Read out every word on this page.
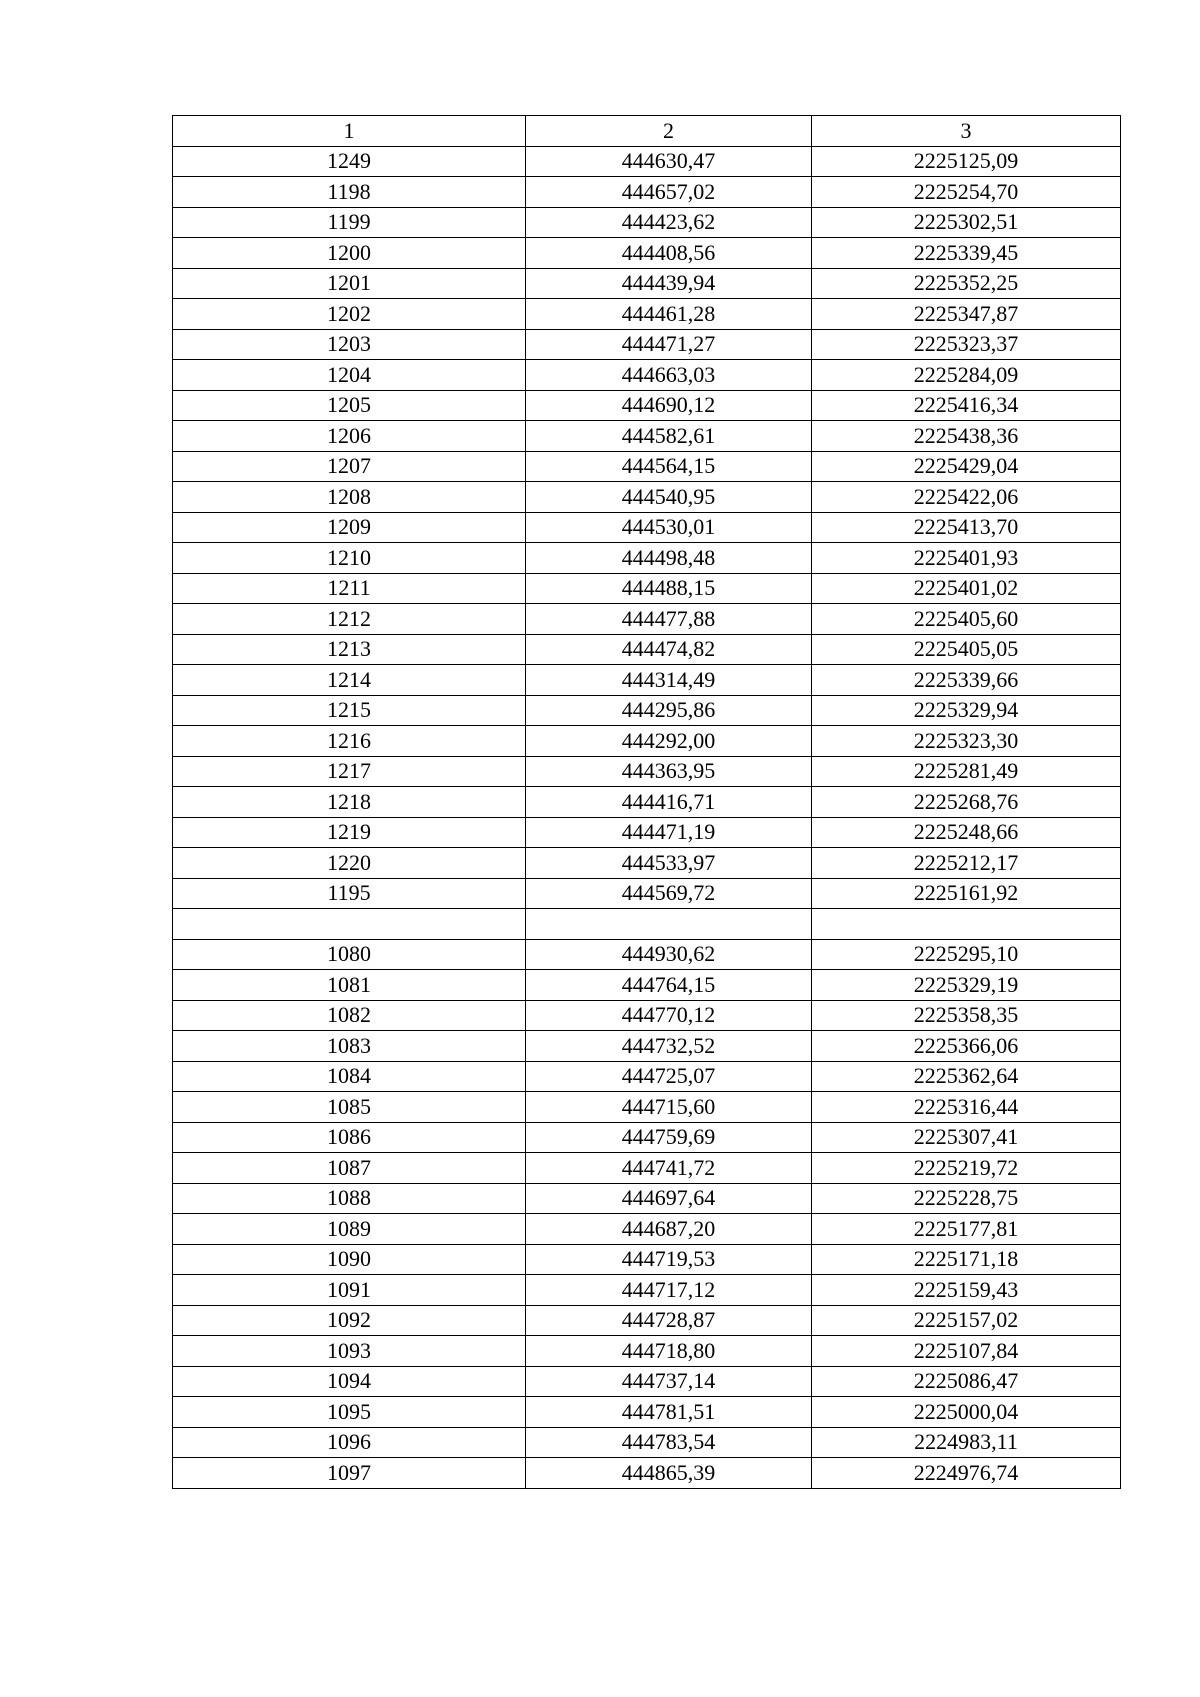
1	2	3
1249	444630,47	2225125,09
1198	444657,02	2225254,70
1199	444423,62	2225302,51
1200	444408,56	2225339,45
1201	444439,94	2225352,25
1202	444461,28	2225347,87
1203	444471,27	2225323,37
1204	444663,03	2225284,09
1205	444690,12	2225416,34
1206	444582,61	2225438,36
1207	444564,15	2225429,04
1208	444540,95	2225422,06
1209	444530,01	2225413,70
1210	444498,48	2225401,93
1211	444488,15	2225401,02
1212	444477,88	2225405,60
1213	444474,82	2225405,05
1214	444314,49	2225339,66
1215	444295,86	2225329,94
1216	444292,00	2225323,30
1217	444363,95	2225281,49
1218	444416,71	2225268,76
1219	444471,19	2225248,66
1220	444533,97	2225212,17
1195	444569,72	2225161,92

1080	444930,62	2225295,10
1081	444764,15	2225329,19
1082	444770,12	2225358,35
1083	444732,52	2225366,06
1084	444725,07	2225362,64
1085	444715,60	2225316,44
1086	444759,69	2225307,41
1087	444741,72	2225219,72
1088	444697,64	2225228,75
1089	444687,20	2225177,81
1090	444719,53	2225171,18
1091	444717,12	2225159,43
1092	444728,87	2225157,02
1093	444718,80	2225107,84
1094	444737,14	2225086,47
1095	444781,51	2225000,04
1096	444783,54	2224983,11
1097	444865,39	2224976,74
